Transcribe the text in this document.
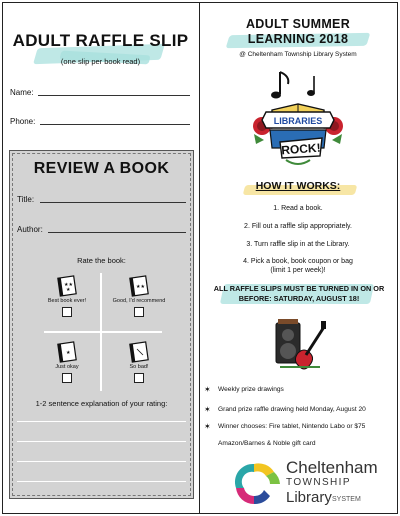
ADULT RAFFLE SLIP
(one slip per book read)
Name:
Phone:
REVIEW A BOOK
Title:
Author:
Rate the book:
★★
★
Best book ever!
★★
Good, I'd recommend
★
Just okay	So bad!
1-2 sentence explanation of your rating:
ADULT SUMMER
LEARNING 2018
@ Cheltenham Township Library System
LIBRARIES
ROCK!
HOW IT WORKS:
1. Read a book.
2. Fill out a raffle slip appropriately.
3. Turn raffle slip in at the Library.
4. Pick a book, book coupon or bag
(limit 1 per week)!
ALL RAFFLE SLIPS MUST BE TURNED IN ON OR
BEFORE: SATURDAY, AUGUST 18!
✶ Weekly prize drawings
✶ Grand prize raffle drawing held Monday, August 20
✶ Winner chooses: Fire tablet, Nintendo Labo or $75
Amazon/Barnes & Noble gift card
Cheltenham
TOWNSHIP
Library SYSTEM
